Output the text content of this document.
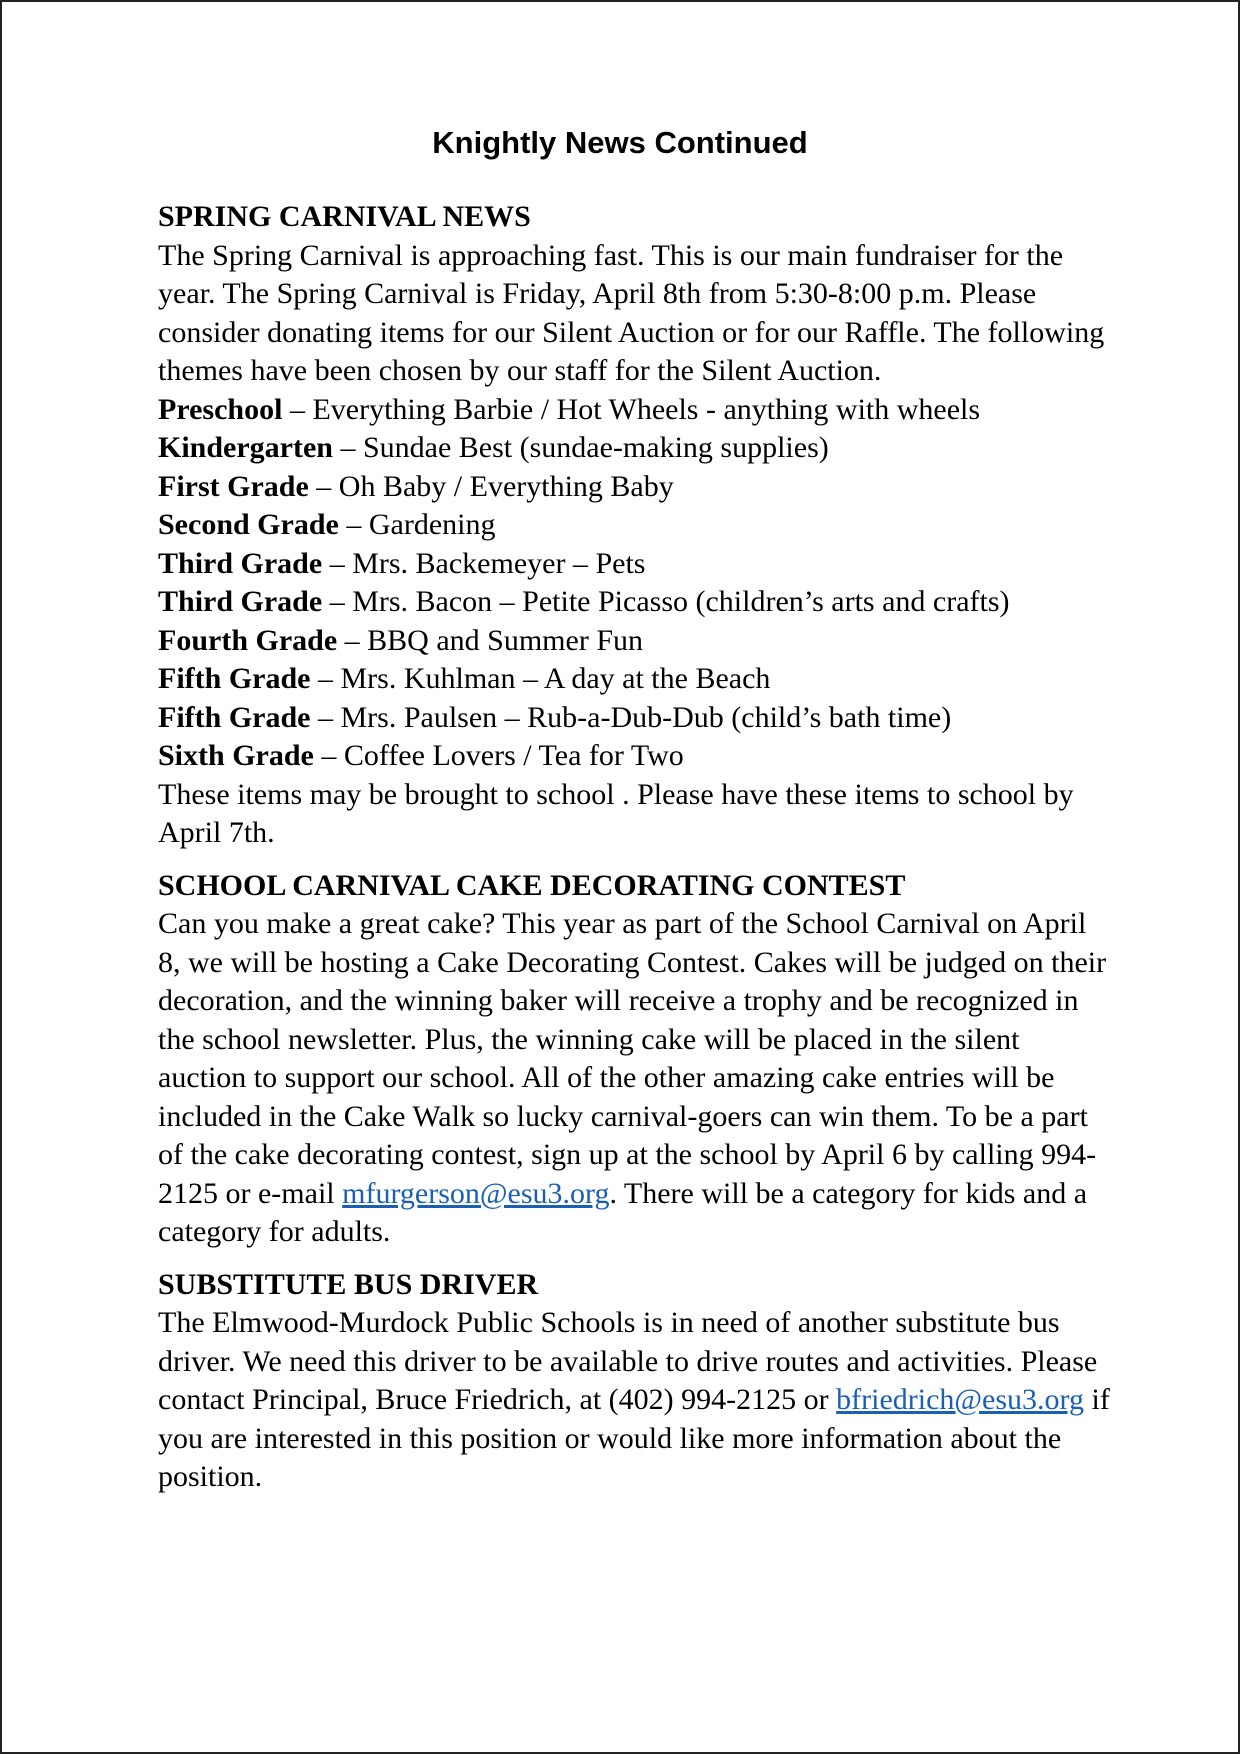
Knightly News Continued

SPRING CARNIVAL NEWS

The Spring Carnival is approaching fast. This is our main fundraiser for the year. The Spring Carnival is Friday, April 8th from 5:30-8:00 p.m. Please consider donating items for our Silent Auction or for our Raffle. The following themes have been chosen by our staff for the Silent Auction.

Preschool – Everything Barbie / Hot Wheels - anything with wheels

Kindergarten – Sundae Best (sundae-making supplies)

First Grade – Oh Baby / Everything Baby

Second Grade – Gardening

Third Grade – Mrs. Backemeyer – Pets

Third Grade – Mrs. Bacon – Petite Picasso (children’s arts and crafts)

Fourth Grade – BBQ and Summer Fun

Fifth Grade – Mrs. Kuhlman – A day at the Beach

Fifth Grade – Mrs. Paulsen – Rub-a-Dub-Dub (child’s bath time)

Sixth Grade – Coffee Lovers / Tea for Two

These items may be brought to school . Please have these items to school by April 7th.

SCHOOL CARNIVAL CAKE DECORATING CONTEST

Can you make a great cake? This year as part of the School Carnival on April 8, we will be hosting a Cake Decorating Contest. Cakes will be judged on their decoration, and the winning baker will receive a trophy and be recognized in the school newsletter. Plus, the winning cake will be placed in the silent auction to support our school. All of the other amazing cake entries will be included in the Cake Walk so lucky carnival-goers can win them. To be a part of the cake decorating contest, sign up at the school by April 6 by calling 994-2125 or e-mail mfurgerson@esu3.org. There will be a category for kids and a category for adults.

SUBSTITUTE BUS DRIVER

The Elmwood-Murdock Public Schools is in need of another substitute bus driver. We need this driver to be available to drive routes and activities. Please contact Principal, Bruce Friedrich, at (402) 994-2125 or bfriedrich@esu3.org if you are interested in this position or would like more information about the position.
